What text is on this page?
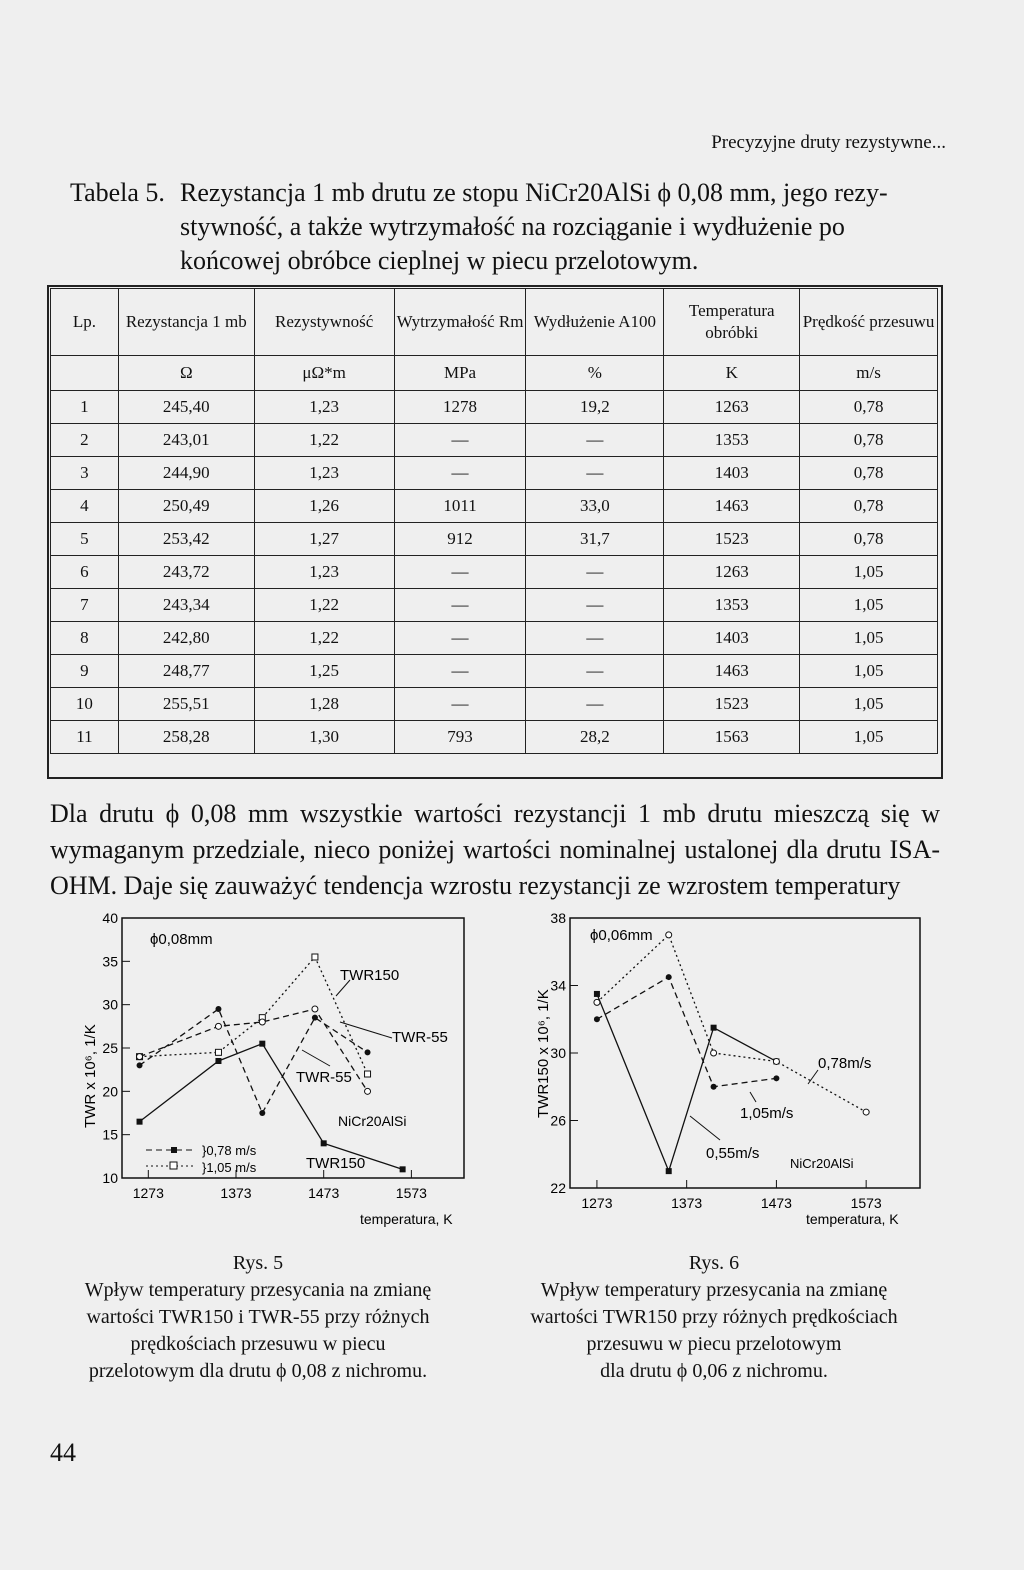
Precyzyjne druty rezystywne...
Tabela 5. Rezystancja 1 mb drutu ze stopu NiCr20AlSi ϕ 0,08 mm, jego rezy-
stywność, a także wytrzymałość na rozciąganie i wydłużenie po
końcowej obróbce cieplnej w piecu przelotowym.
Lp.	Rezystancja 1 mb	Rezystywność	Wytrzymałość Rm	Wydłużenie A100	Temperatura obróbki	Prędkość przesuwu
	Ω	μΩ*m	MPa	%	K	m/s
1	245,40	1,23	1278	19,2	1263	0,78
2	243,01	1,22	—	—	1353	0,78
3	244,90	1,23	—	—	1403	0,78
4	250,49	1,26	1011	33,0	1463	0,78
5	253,42	1,27	912	31,7	1523	0,78
6	243,72	1,23	—	—	1263	1,05
7	243,34	1,22	—	—	1353	1,05
8	242,80	1,22	—	—	1403	1,05
9	248,77	1,25	—	—	1463	1,05
10	255,51	1,28	—	—	1523	1,05
11	258,28	1,30	793	28,2	1563	1,05
Dla drutu ϕ 0,08 mm wszystkie wartości rezystancji 1 mb drutu mieszczą się w wymaganym przedziale, nieco poniżej wartości nominalnej ustalonej dla drutu ISA-OHM. Daje się zauważyć tendencja wzrostu rezystancji ze wzrostem temperatury
40
35
30
25
20
15
10
1273	1373	1473	1573
ϕ0,08mm
TWR x 10⁶, 1/K
temperatura, K
TWR150
TWR-55
TWR-55
NiCr20AlSi
TWR150
}0,78 m/s
}1,05 m/s
38
34
30
26
22
1273	1373	1473	1573
ϕ0,06mm
TWR150 x 10⁶, 1/K
temperatura, K
0,78m/s
1,05m/s
0,55m/s
NiCr20AlSi
Rys. 5
Wpływ temperatury przesycania na zmianę
wartości TWR150 i TWR-55 przy różnych
prędkościach przesuwu w piecu
przelotowym dla drutu ϕ 0,08 z nichromu.
Rys. 6
Wpływ temperatury przesycania na zmianę
wartości TWR150 przy różnych prędkościach
przesuwu w piecu przelotowym
dla drutu ϕ 0,06 z nichromu.
44
